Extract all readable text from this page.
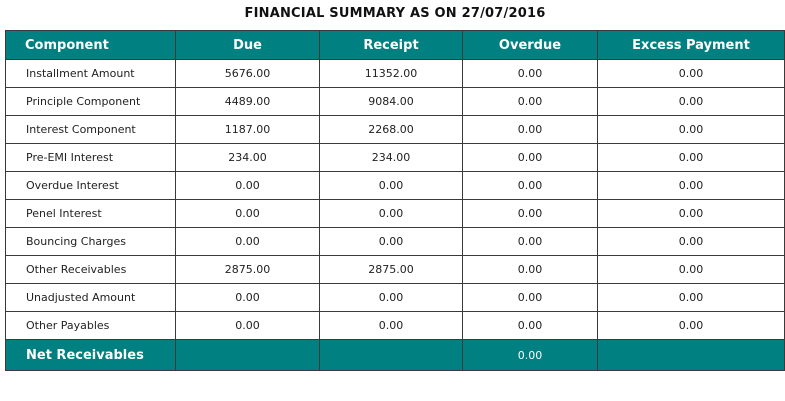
FINANCIAL SUMMARY AS ON 27/07/2016
Component	Due	Receipt	Overdue	Excess Payment
Installment Amount	5676.00	11352.00	0.00	0.00
Principle Component	4489.00	9084.00	0.00	0.00
Interest Component	1187.00	2268.00	0.00	0.00
Pre-EMI Interest	234.00	234.00	0.00	0.00
Overdue Interest	0.00	0.00	0.00	0.00
Penel Interest	0.00	0.00	0.00	0.00
Bouncing Charges	0.00	0.00	0.00	0.00
Other Receivables	2875.00	2875.00	0.00	0.00
Unadjusted Amount	0.00	0.00	0.00	0.00
Other Payables	0.00	0.00	0.00	0.00
Net Receivables			0.00	
